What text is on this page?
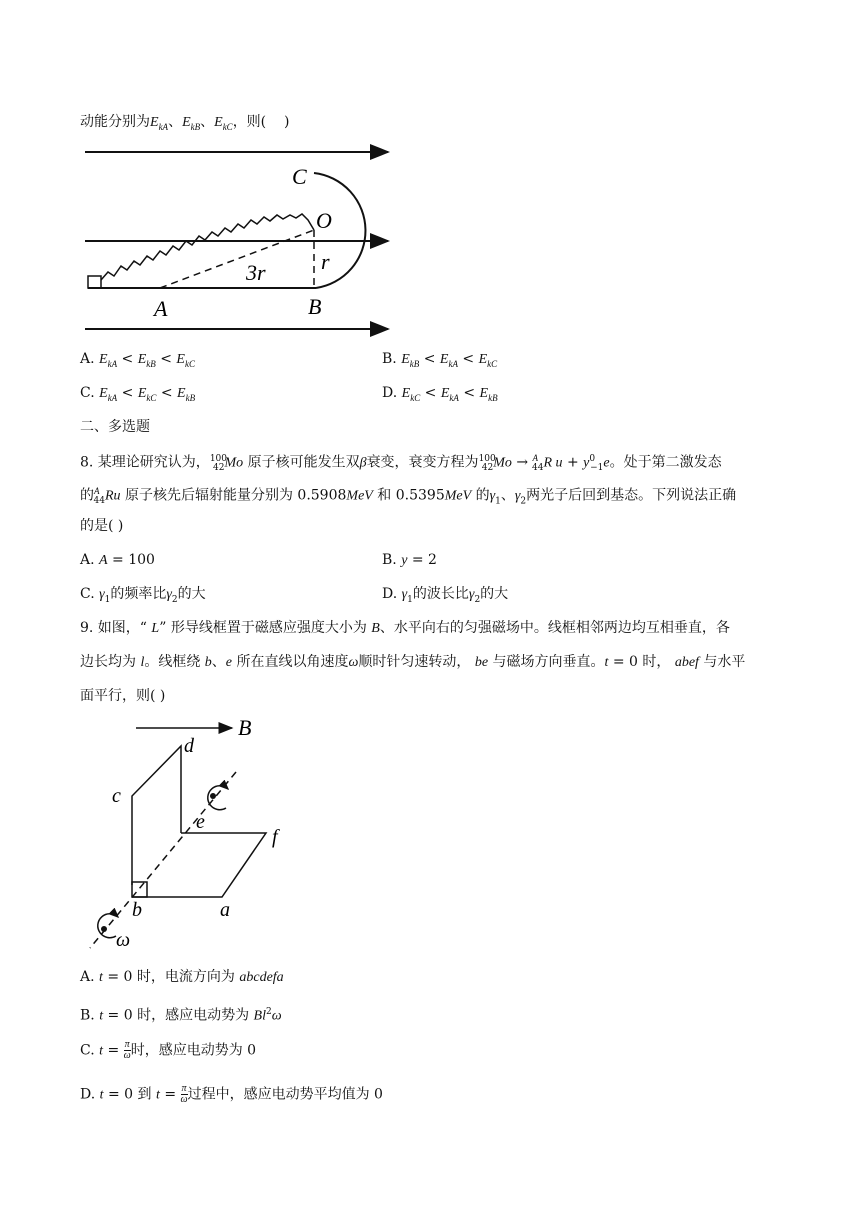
动能分别为$E_{kA}$、$E_{kB}$、$E_{kC}$，则(    )
C
O
3r	r
A	B
A. $E_{kA} < E_{kB} < E_{kC}$	B. $E_{kB} < E_{kA} < E_{kC}$
C. $E_{kA} < E_{kC} < E_{kB}$	D. $E_{kC} < E_{kA} < E_{kB}$
二、多选题
8. 某理论研究认为，$^{100}_{42}$Mo 原子核可能发生双β衰变，衰变方程为$^{100}_{42}$Mo → $^A_{44}$R $u + y^0_{-1}e$。处于第二激发态
的$^A_{44}$Ru 原子核先后辐射能量分别为 0.5908MeV 和 0.5395MeV 的$\gamma_1$、$\gamma_2$两光子后回到基态。下列说法正确
的是( )
A. A = 100	B. y = 2
C. $\gamma_1$的频率比$\gamma_2$的大	D. $\gamma_1$的波长比$\gamma_2$的大
9. 如图，“ L” 形导线框置于磁感应强度大小为 B、水平向右的匀强磁场中。线框相邻两边均互相垂直，各
边长均为 l。线框绕 b、e 所在直线以角速度ω顺时针匀速转动， be 与磁场方向垂直。t = 0 时， abef 与水平
面平行，则( )
B
d
c
e
f
b	a
ω
A. t = 0 时，电流方向为 abcdefa
B. t = 0 时，感应电动势为 Bl$^2$ω
C. $t = \frac{\pi}{\omega}$ 时，感应电动势为 0
D. t = 0 到 $t = \frac{\pi}{\omega}$ 过程中，感应电动势平均值为 0
